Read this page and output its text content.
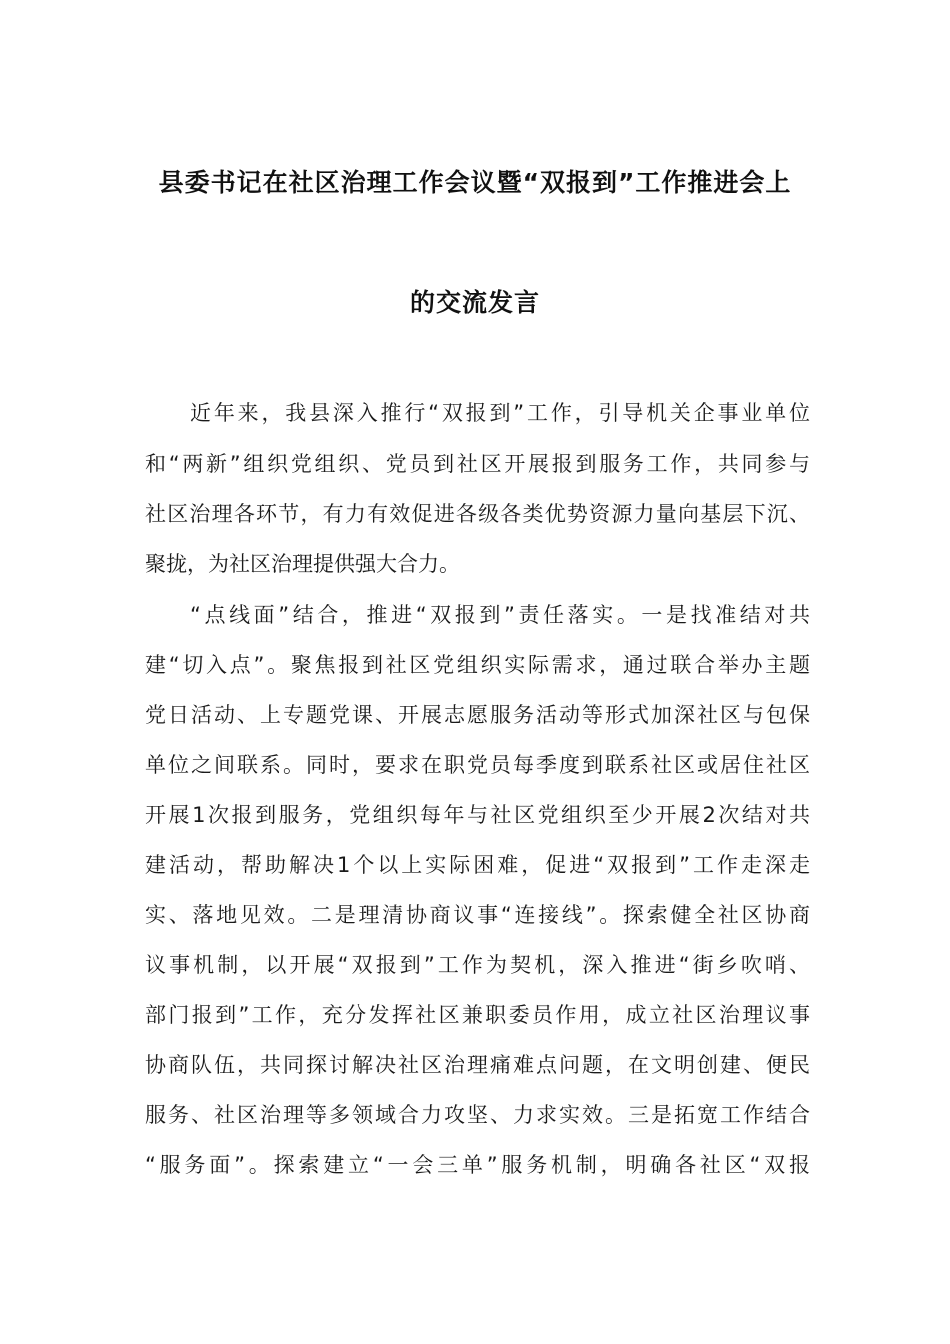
县委书记在社区治理工作会议暨“双报到”工作推进会上
的交流发言
近年来，我县深入推行“双报到”工作，引导机关企事业单位
和“两新”组织党组织、党员到社区开展报到服务工作，共同参与
社区治理各环节，有力有效促进各级各类优势资源力量向基层下沉、
聚拢，为社区治理提供强大合力。
“点线面”结合，推进“双报到”责任落实。一是找准结对共
建“切入点”。聚焦报到社区党组织实际需求，通过联合举办主题
党日活动、上专题党课、开展志愿服务活动等形式加深社区与包保
单位之间联系。同时，要求在职党员每季度到联系社区或居住社区
开展1次报到服务，党组织每年与社区党组织至少开展2次结对共
建活动，帮助解决1个以上实际困难，促进“双报到”工作走深走
实、落地见效。二是理清协商议事“连接线”。探索健全社区协商
议事机制，以开展“双报到”工作为契机，深入推进“街乡吹哨、
部门报到”工作，充分发挥社区兼职委员作用，成立社区治理议事
协商队伍，共同探讨解决社区治理痛难点问题，在文明创建、便民
服务、社区治理等多领域合力攻坚、力求实效。三是拓宽工作结合
“服务面”。探索建立“一会三单”服务机制，明确各社区“双报
